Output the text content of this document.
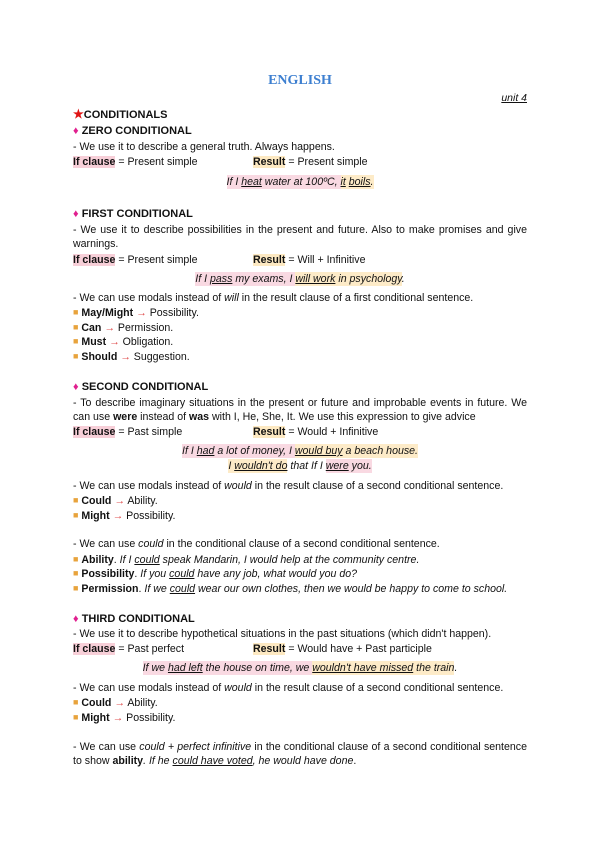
ENGLISH
unit 4
★CONDITIONALS
♦ ZERO CONDITIONAL
- We use it to describe a general truth. Always happens.
If clause = Present simple	Result = Present simple
If I heat water at 100ºC, it boils.
♦ FIRST CONDITIONAL
- We use it to describe possibilities in the present and future. Also to make promises and give warnings.
If clause = Present simple	Result = Will + Infinitive
If I pass my exams, I will work in psychology.
- We can use modals instead of will in the result clause of a first conditional sentence.
■ May/Might → Possibility.
■ Can → Permission.
■ Must → Obligation.
■ Should → Suggestion.
♦ SECOND CONDITIONAL
- To describe imaginary situations in the present or future and improbable events in future. We can use were instead of was with I, He, She, It. We use this expression to give advice
If clause = Past simple	Result = Would + Infinitive
If I had a lot of money, I would buy a beach house.
I wouldn't do that If I were you.
- We can use modals instead of would in the result clause of a second conditional sentence.
■ Could → Ability.
■ Might → Possibility.
- We can use could in the conditional clause of a second conditional sentence.
■ Ability. If I could speak Mandarin, I would help at the community centre.
■ Possibility. If you could have any job, what would you do?
■ Permission. If we could wear our own clothes, then we would be happy to come to school.
♦ THIRD CONDITIONAL
- We use it to describe hypothetical situations in the past situations (which didn't happen).
If clause = Past perfect	Result = Would have + Past participle
If we had left the house on time, we wouldn't have missed the train.
- We can use modals instead of would in the result clause of a second conditional sentence.
■ Could → Ability.
■ Might → Possibility.
- We can use could + perfect infinitive in the conditional clause of a second conditional sentence to show ability. If he could have voted, he would have done.
